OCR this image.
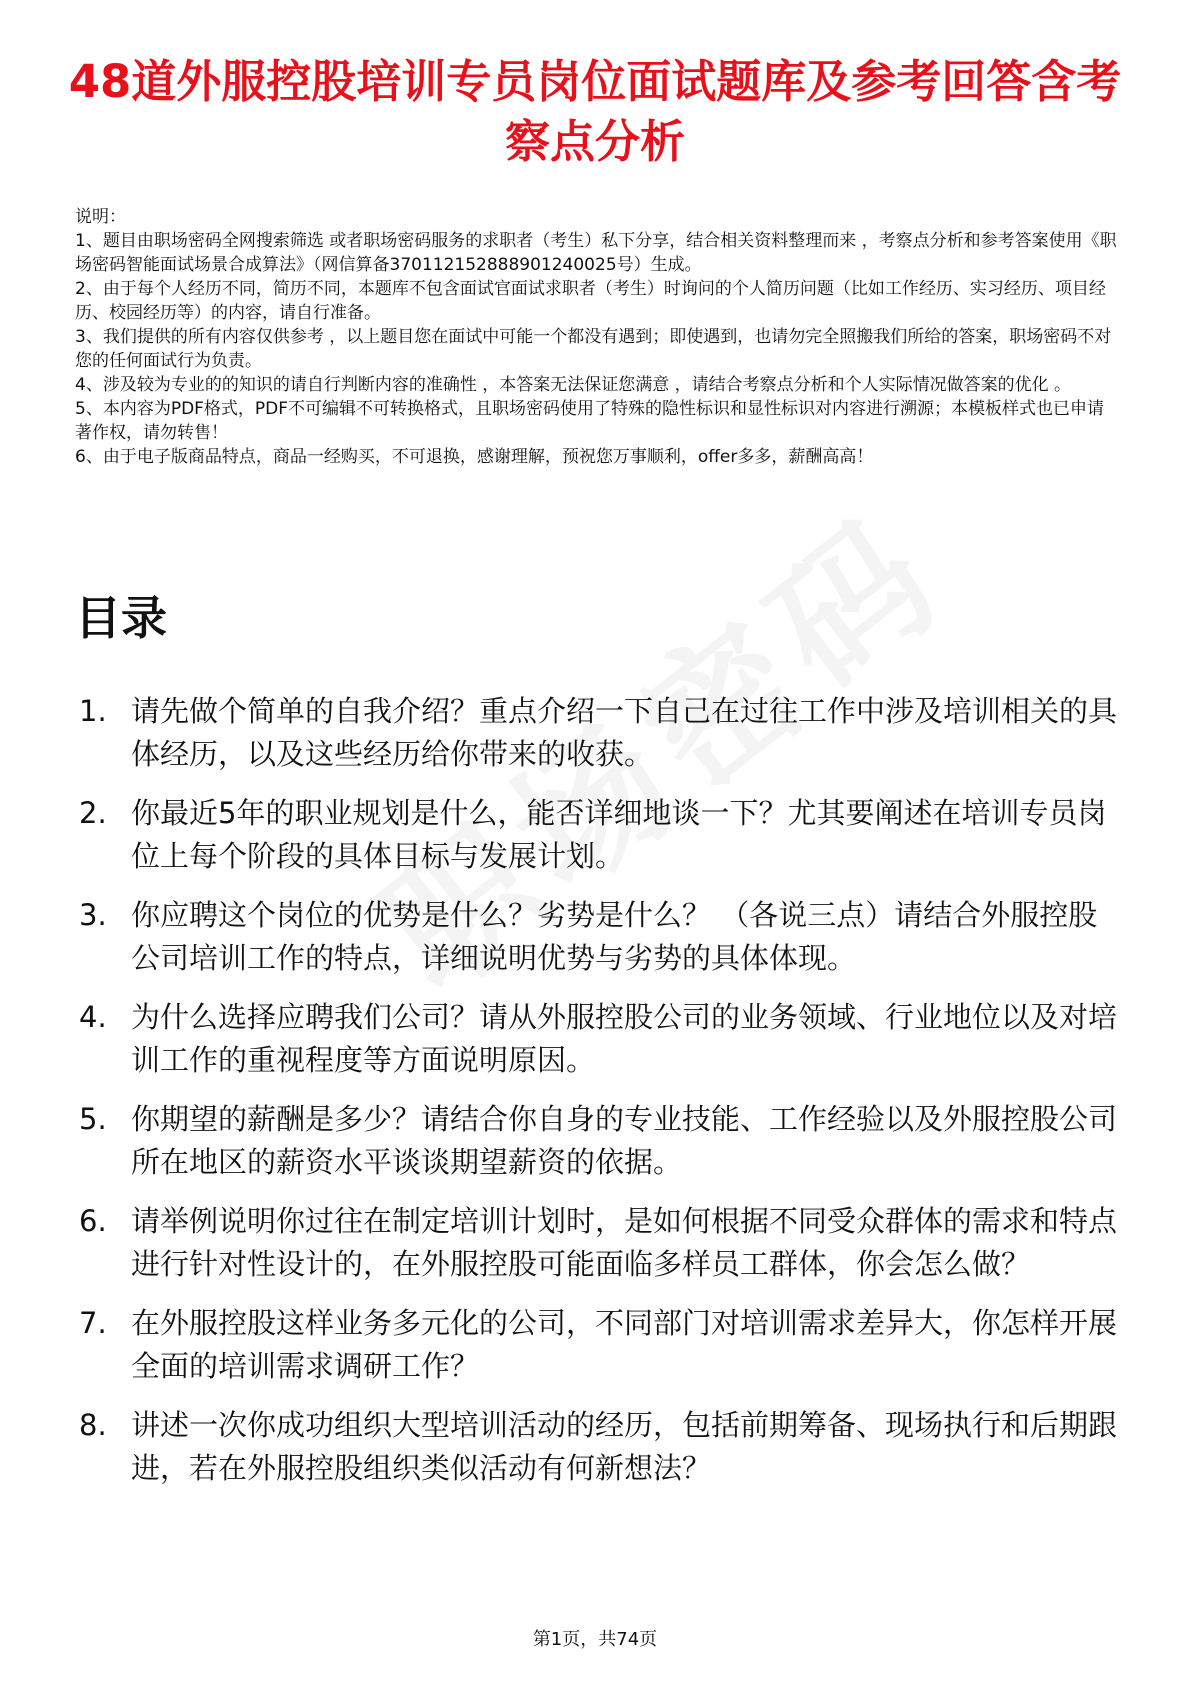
48道外服控股培训专员岗位面试题库及参考回答含考察点分析

说明：

1、题目由职场密码全网搜索筛选 或者职场密码服务的求职者（考生）私下分享，结合相关资料整理而来 ，考察点分析和参考答案使用《职场密码智能面试场景合成算法》（网信算备370112152888901240025号）生成。

2、由于每个人经历不同，简历不同，本题库不包含面试官面试求职者（考生）时询问的个人简历问题（比如工作经历、实习经历、项目经历、校园经历等）的内容，请自行准备。

3、我们提供的所有内容仅供参考 ，以上题目您在面试中可能一个都没有遇到；即使遇到，也请勿完全照搬我们所给的答案，职场密码不对您的任何面试行为负责。

4、涉及较为专业的的知识的请自行判断内容的准确性 ，本答案无法保证您满意 ，请结合考察点分析和个人实际情况做答案的优化 。

5、本内容为PDF格式，PDF不可编辑不可转换格式，且职场密码使用了特殊的隐性标识和显性标识对内容进行溯源；本模板样式也已申请著作权，请勿转售！

6、由于电子版商品特点，商品一经购买，不可退换，感谢理解，预祝您万事顺利，offer多多，薪酬高高！

目录
1. 请先做个简单的自我介绍？重点介绍一下自己在过往工作中涉及培训相关的具体经历，以及这些经历给你带来的收获。
2. 你最近5年的职业规划是什么，能否详细地谈一下？尤其要阐述在培训专员岗位上每个阶段的具体目标与发展计划。
3. 你应聘这个岗位的优势是什么？劣势是什么？ （各说三点）请结合外服控股公司培训工作的特点，详细说明优势与劣势的具体体现。
4. 为什么选择应聘我们公司？请从外服控股公司的业务领域、行业地位以及对培训工作的重视程度等方面说明原因。
5. 你期望的薪酬是多少？请结合你自身的专业技能、工作经验以及外服控股公司所在地区的薪资水平谈谈期望薪资的依据。
6. 请举例说明你过往在制定培训计划时，是如何根据不同受众群体的需求和特点进行针对性设计的，在外服控股可能面临多样员工群体，你会怎么做？
7. 在外服控股这样业务多元化的公司，不同部门对培训需求差异大，你怎样开展全面的培训需求调研工作？
8. 讲述一次你成功组织大型培训活动的经历，包括前期筹备、现场执行和后期跟进，若在外服控股组织类似活动有何新想法？
第1页，共74页
